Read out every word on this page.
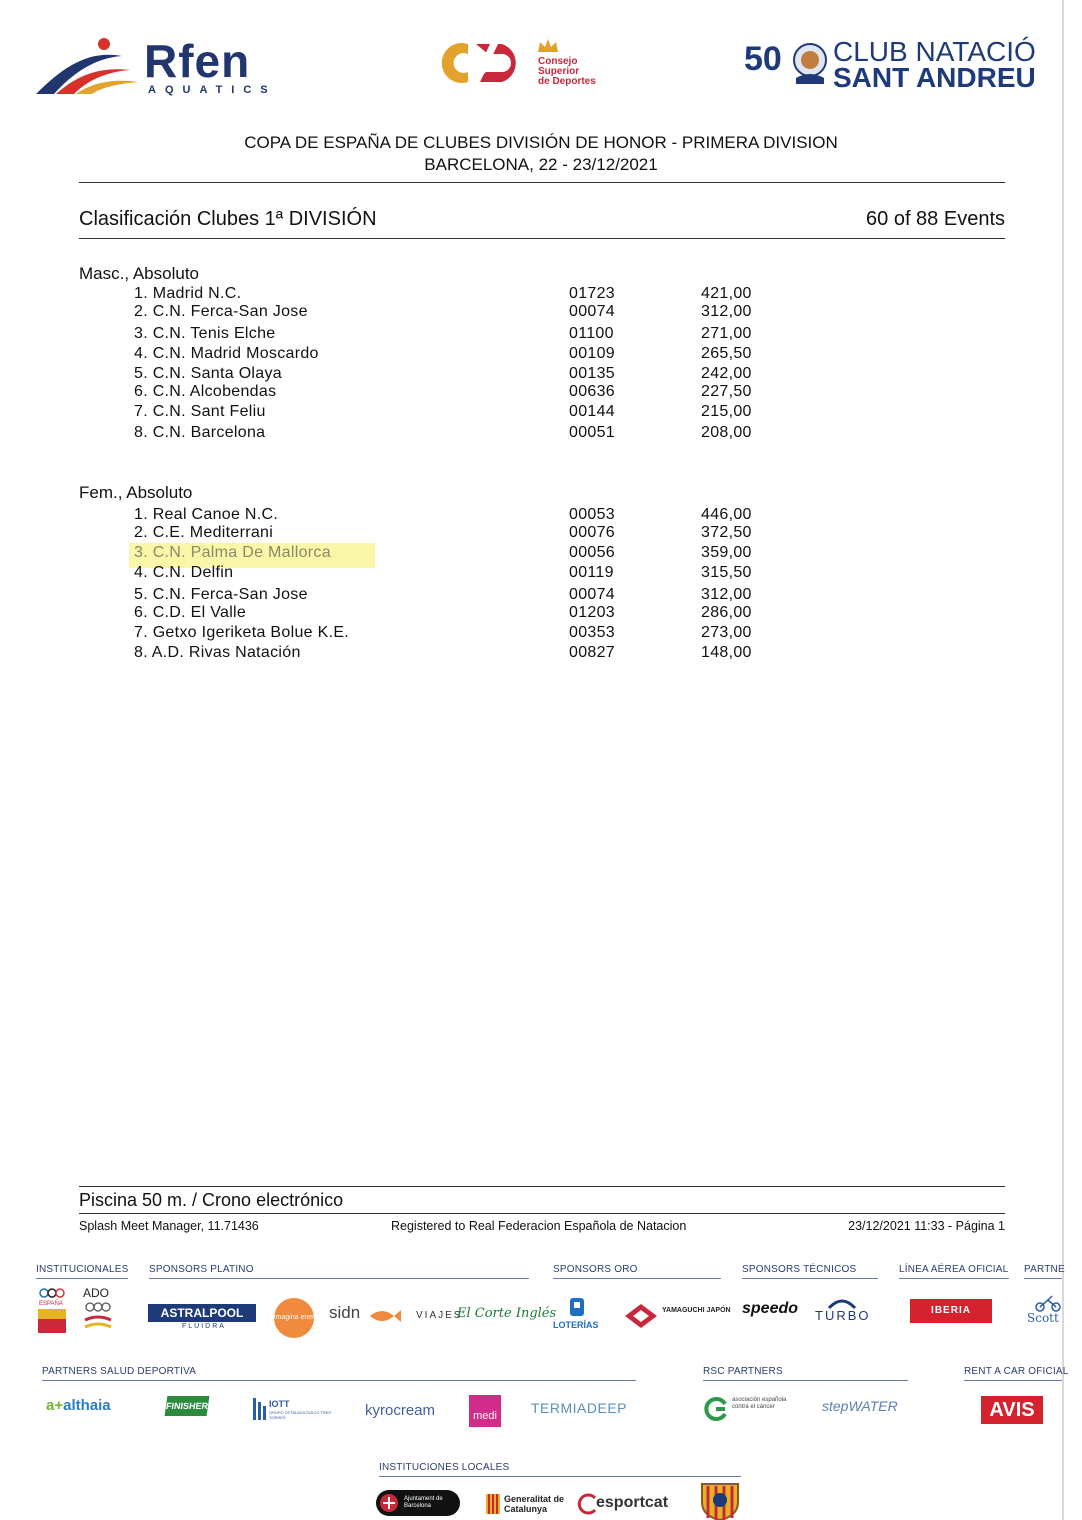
Rfen
AQUATICS
Consejo
Superior
de Deportes
50 CLUB NATACIÓ
SANT ANDREU
COPA DE ESPAÑA DE CLUBES DIVISIÓN DE HONOR - PRIMERA DIVISION
BARCELONA, 22 - 23/12/2021
Clasificación Clubes 1ª DIVISIÓN	60 of 88 Events
Masc., Absoluto
1. Madrid N.C.	01723	421,00
2. C.N. Ferca-San Jose	00074	312,00
3. C.N. Tenis Elche	01100	271,00
4. C.N. Madrid Moscardo	00109	265,50
5. C.N. Santa Olaya	00135	242,00
6. C.N. Alcobendas	00636	227,50
7. C.N. Sant Feliu	00144	215,00
8. C.N. Barcelona	00051	208,00
Fem., Absoluto
1. Real Canoe N.C.	00053	446,00
2. C.E. Mediterrani	00076	372,50
3. C.N. Palma De Mallorca	00056	359,00
4. C.N. Delfin	00119	315,50
5. C.N. Ferca-San Jose	00074	312,00
6. C.D. El Valle	01203	286,00
7. Getxo Igeriketa Bolue K.E.	00353	273,00
8. A.D. Rivas Natación	00827	148,00
Piscina 50 m. / Crono electrónico
Splash Meet Manager, 11.71436	Registered to Real Federacion Española de Natacion	23/12/2021 11:33 - Página 1
INSTITUCIONALES SPONSORS PLATINO	SPONSORS ORO	SPONSORS TÉCNICOS	LÍNEA AÉREA OFICIAL PARTNE
ESPAÑA
ADO
ASTRALPOOL
FLUIDRA
imagina energía sidn	VIAJES
El Corte Inglés
LOTERÍAS
YAMAGUCHI JAPÓN speedo TURBO	IBERIA
Scott
PARTNERS SALUD DEPORTIVA	RSC PARTNERS	RENT A CAR OFICIAL
a+althaia	FINISHER	IOTT
GRUPO OFTALMOLÓGICO TRES TORRES	kyrocream	medi TERMIADEEP	asociación española contra el cáncer	stepWATER	AVIS
INSTITUCIONES LOCALES
Ajuntament de Barcelona
Generalitat de Catalunya	esportcat
